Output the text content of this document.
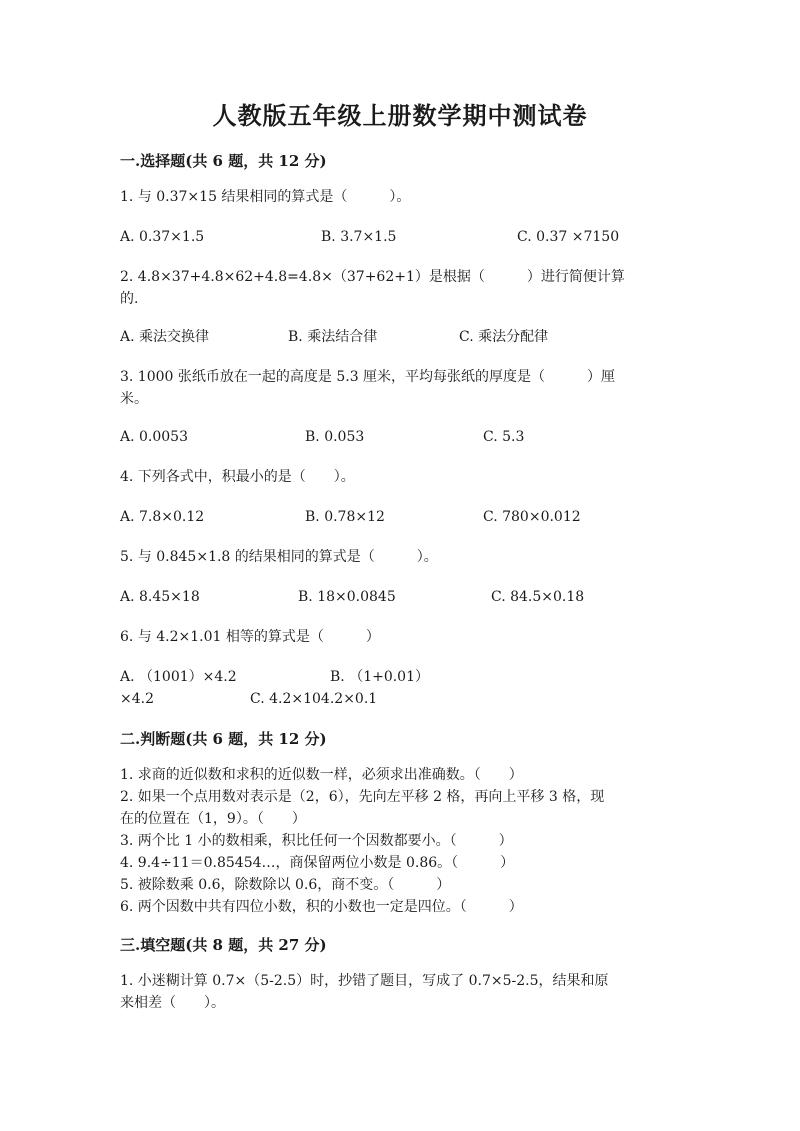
人教版五年级上册数学期中测试卷
一.选择题(共 6 题，共 12 分)
1. 与 0.37×15 结果相同的算式是（　　　）。
A. 0.37×1.5	B. 3.7×1.5	C. 0.37 ×7150
2. 4.8×37+4.8×62+4.8=4.8×（37+62+1）是根据（　　　）进行简便计算
的.
A. 乘法交换律	B. 乘法结合律	C. 乘法分配律
3. 1000 张纸币放在一起的高度是 5.3 厘米，平均每张纸的厚度是（　　　）厘
米。
A. 0.0053	B. 0.053	C. 5.3
4. 下列各式中，积最小的是（　　）。
A. 7.8×0.12	B. 0.78×12	C. 780×0.012
5. 与 0.845×1.8 的结果相同的算式是（　　　）。
A. 8.45×18	B. 18×0.0845	C. 84.5×0.18
6. 与 4.2×1.01 相等的算式是（　　　）
A. （1001）×4.2	B. （1+0.01）
×4.2	C. 4.2×104.2×0.1
二.判断题(共 6 题，共 12 分)
1. 求商的近似数和求积的近似数一样，必须求出准确数。（　　）
2. 如果一个点用数对表示是（2，6），先向左平移 2 格，再向上平移 3 格，现
在的位置在（1，9）。（　　）
3. 两个比 1 小的数相乘，积比任何一个因数都要小。（　　　）
4. 9.4÷11＝0.85454…，商保留两位小数是 0.86。（　　　）
5. 被除数乘 0.6，除数除以 0.6，商不变。（　　　）
6. 两个因数中共有四位小数，积的小数也一定是四位。（　　　）
三.填空题(共 8 题，共 27 分)
1. 小迷糊计算 0.7×（5-2.5）时，抄错了题目，写成了 0.7×5-2.5，结果和原
来相差（　　）。
